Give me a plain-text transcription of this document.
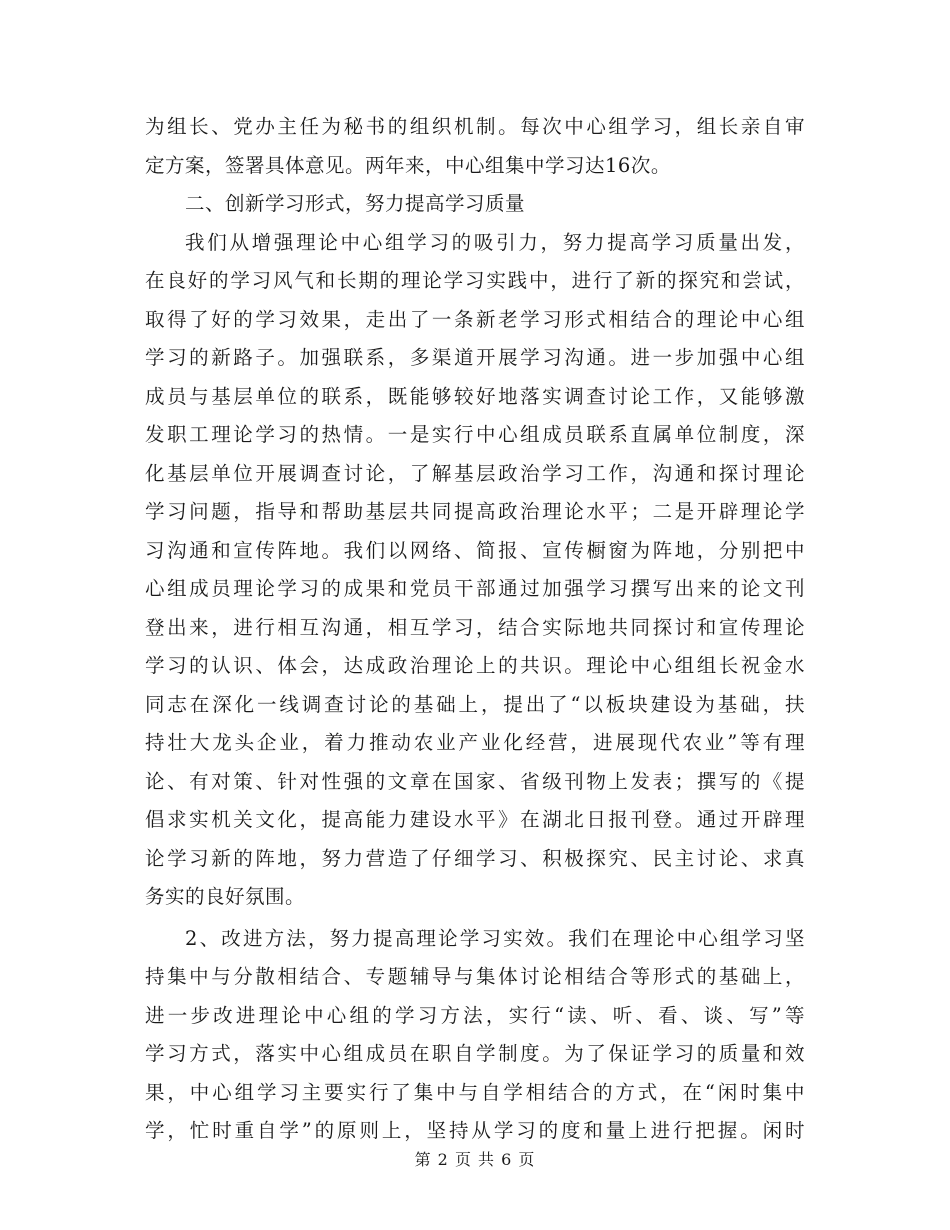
为组长、党办主任为秘书的组织机制。每次中心组学习，组长亲自审
定方案，签署具体意见。两年来，中心组集中学习达16次。
二、创新学习形式，努力提高学习质量
我们从增强理论中心组学习的吸引力，努力提高学习质量出发，
在良好的学习风气和长期的理论学习实践中，进行了新的探究和尝试，
取得了好的学习效果，走出了一条新老学习形式相结合的理论中心组
学习的新路子。加强联系，多渠道开展学习沟通。进一步加强中心组
成员与基层单位的联系，既能够较好地落实调查讨论工作，又能够激
发职工理论学习的热情。一是实行中心组成员联系直属单位制度，深
化基层单位开展调查讨论，了解基层政治学习工作，沟通和探讨理论
学习问题，指导和帮助基层共同提高政治理论水平；二是开辟理论学
习沟通和宣传阵地。我们以网络、简报、宣传橱窗为阵地，分别把中
心组成员理论学习的成果和党员干部通过加强学习撰写出来的论文刊
登出来，进行相互沟通，相互学习，结合实际地共同探讨和宣传理论
学习的认识、体会，达成政治理论上的共识。理论中心组组长祝金水
同志在深化一线调查讨论的基础上，提出了“以板块建设为基础，扶
持壮大龙头企业，着力推动农业产业化经营，进展现代农业”等有理
论、有对策、针对性强的文章在国家、省级刊物上发表；撰写的《提
倡求实机关文化，提高能力建设水平》在湖北日报刊登。通过开辟理
论学习新的阵地，努力营造了仔细学习、积极探究、民主讨论、求真
务实的良好氛围。
2、改进方法，努力提高理论学习实效。我们在理论中心组学习坚
持集中与分散相结合、专题辅导与集体讨论相结合等形式的基础上，
进一步改进理论中心组的学习方法，实行“读、听、看、谈、写”等
学习方式，落实中心组成员在职自学制度。为了保证学习的质量和效
果，中心组学习主要实行了集中与自学相结合的方式，在“闲时集中
学，忙时重自学”的原则上，坚持从学习的度和量上进行把握。闲时
第 2 页 共 6 页
